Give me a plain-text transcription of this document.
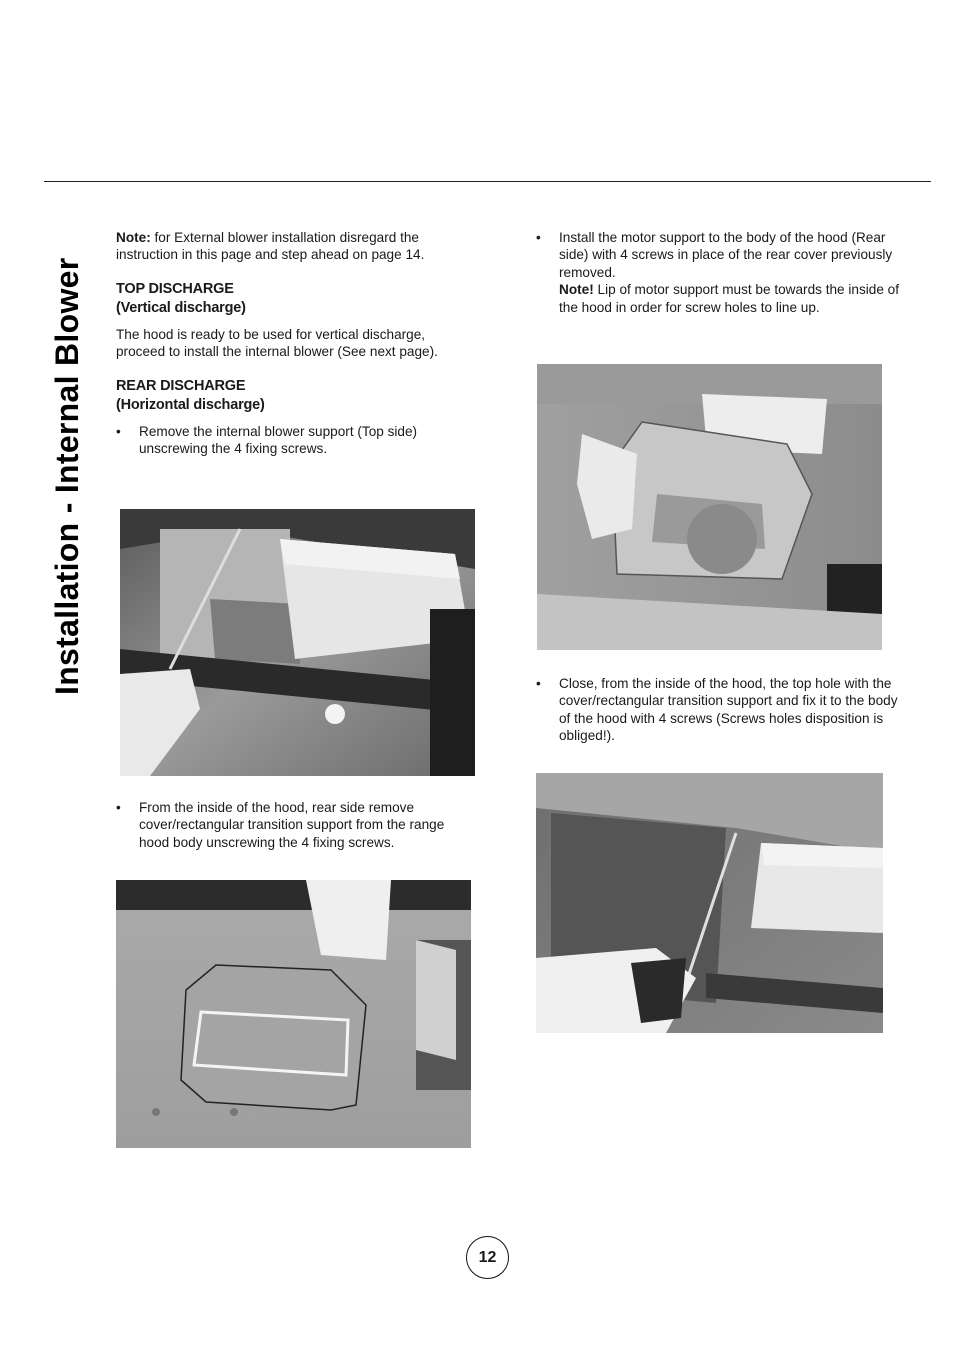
Installation - Internal Blower

Note: for External blower installation disregard the instruction in this page and step ahead on page 14.

TOP DISCHARGE
(Vertical discharge)

The hood is ready to be used for vertical discharge, proceed to install the internal blower (See next page).

REAR DISCHARGE
(Horizontal discharge)

• Remove the internal blower support (Top side) unscrewing the 4 fixing screws.
• From the inside of the hood, rear side remove cover/rectangular transition support from the range hood body unscrewing the 4 fixing screws.
• Install the motor support to the body of the hood (Rear side) with 4 screws in place of the rear cover previously removed.
Note! Lip of motor support must be towards the inside of the hood in order for screw holes to line up.
• Close, from the inside of the hood, the top hole with the cover/rectangular transition support and fix it to the body of the hood with 4 screws (Screws holes disposition is obliged!).
12
